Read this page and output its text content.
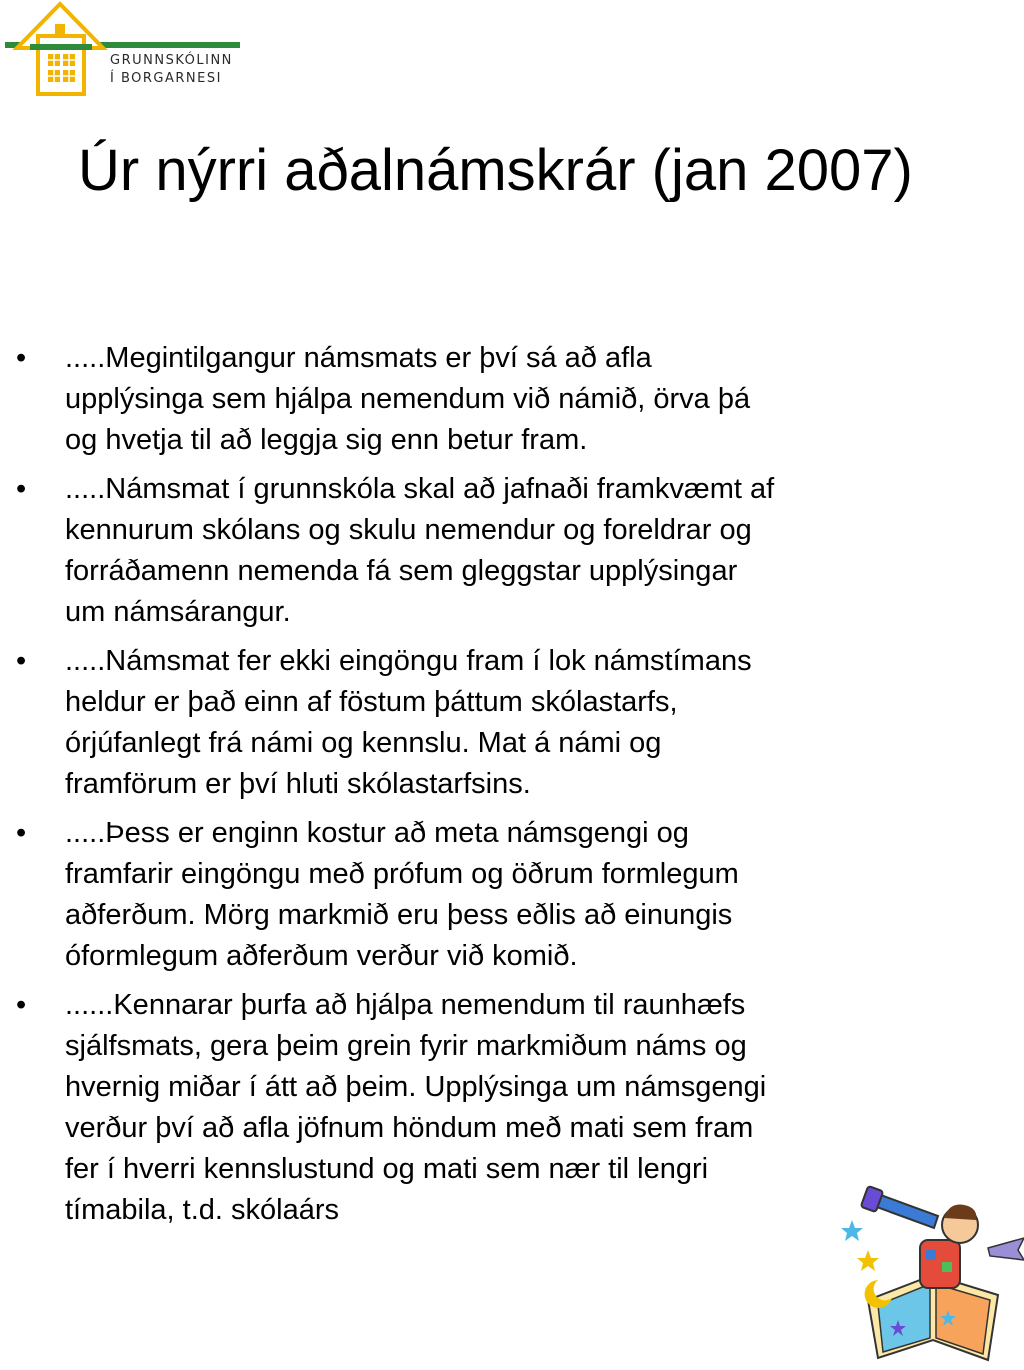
GRUNNSKÓLINN
Í BORGARNESI
Úr nýrri aðalnámskrár (jan 2007)
• .....Megintilgangur námsmats er því sá að afla
upplýsinga sem hjálpa nemendum við námið, örva þá
og hvetja til að leggja sig enn betur fram.
• .....Námsmat í grunnskóla skal að jafnaði framkvæmt af
kennurum skólans og skulu nemendur og foreldrar og
forráðamenn nemenda fá sem gleggstar upplýsingar
um námsárangur.
• .....Námsmat fer ekki eingöngu fram í lok námstímans
heldur er það einn af föstum þáttum skólastarfs,
órjúfanlegt frá námi og kennslu. Mat á námi og
framförum er því hluti skólastarfsins.
• .....Þess er enginn kostur að meta námsgengi og
framfarir eingöngu með prófum og öðrum formlegum
aðferðum. Mörg markmið eru þess eðlis að einungis
óformlegum aðferðum verður við komið.
• ......Kennarar þurfa að hjálpa nemendum til raunhæfs
sjálfsmats, gera þeim grein fyrir markmiðum náms og
hvernig miðar í átt að þeim. Upplýsinga um námsgengi
verður því að afla jöfnum höndum með mati sem fram
fer í hverri kennslustund og mati sem nær til lengri
tímabila, t.d. skólaárs
